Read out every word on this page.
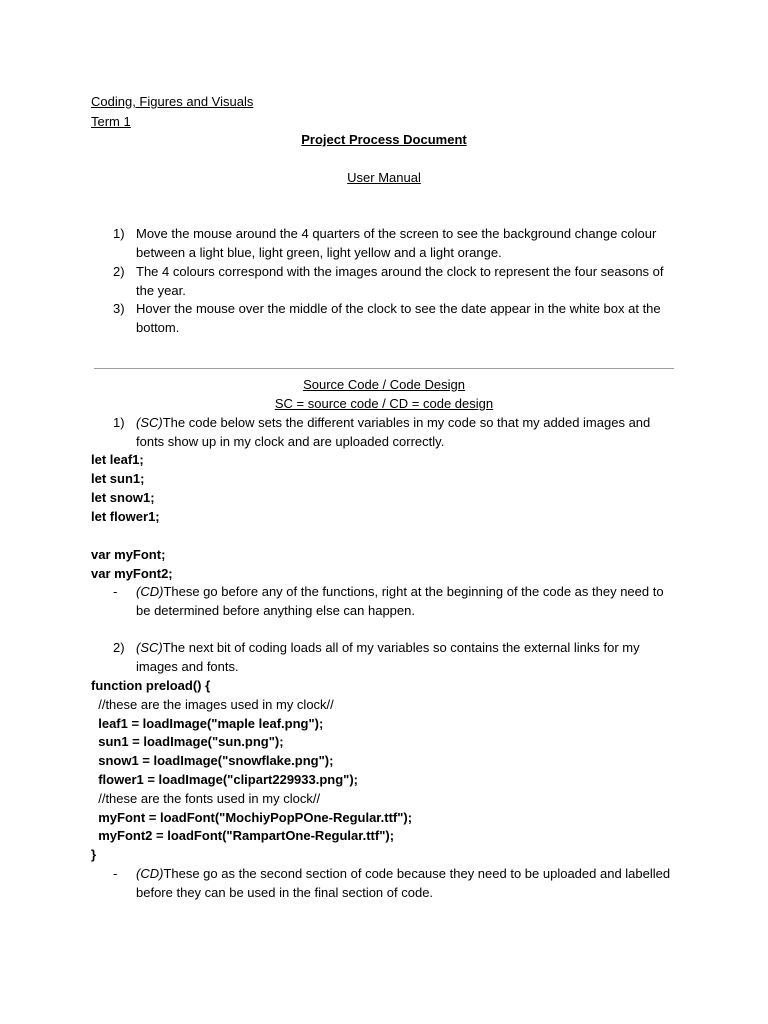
Coding, Figures and Visuals
Term 1
Project Process Document
User Manual
1) Move the mouse around the 4 quarters of the screen to see the background change colour between a light blue, light green, light yellow and a light orange.
2) The 4 colours correspond with the images around the clock to represent the four seasons of the year.
3) Hover the mouse over the middle of the clock to see the date appear in the white box at the bottom.
Source Code / Code Design
SC = source code / CD = code design
1) (SC)The code below sets the different variables in my code so that my added images and fonts show up in my clock and are uploaded correctly.
let leaf1;
let sun1;
let snow1;
let flower1;
var myFont;
var myFont2;
- (CD)These go before any of the functions, right at the beginning of the code as they need to be determined before anything else can happen.
2) (SC)The next bit of coding loads all of my variables so contains the external links for my images and fonts.
function preload() {
//these are the images used in my clock//
leaf1 = loadImage("maple leaf.png");
sun1 = loadImage("sun.png");
snow1 = loadImage("snowflake.png");
flower1 = loadImage("clipart229933.png");
//these are the fonts used in my clock//
myFont = loadFont("MochiyPopPOne-Regular.ttf");
myFont2 = loadFont("RampartOne-Regular.ttf");
}
- (CD)These go as the second section of code because they need to be uploaded and labelled before they can be used in the final section of code.
